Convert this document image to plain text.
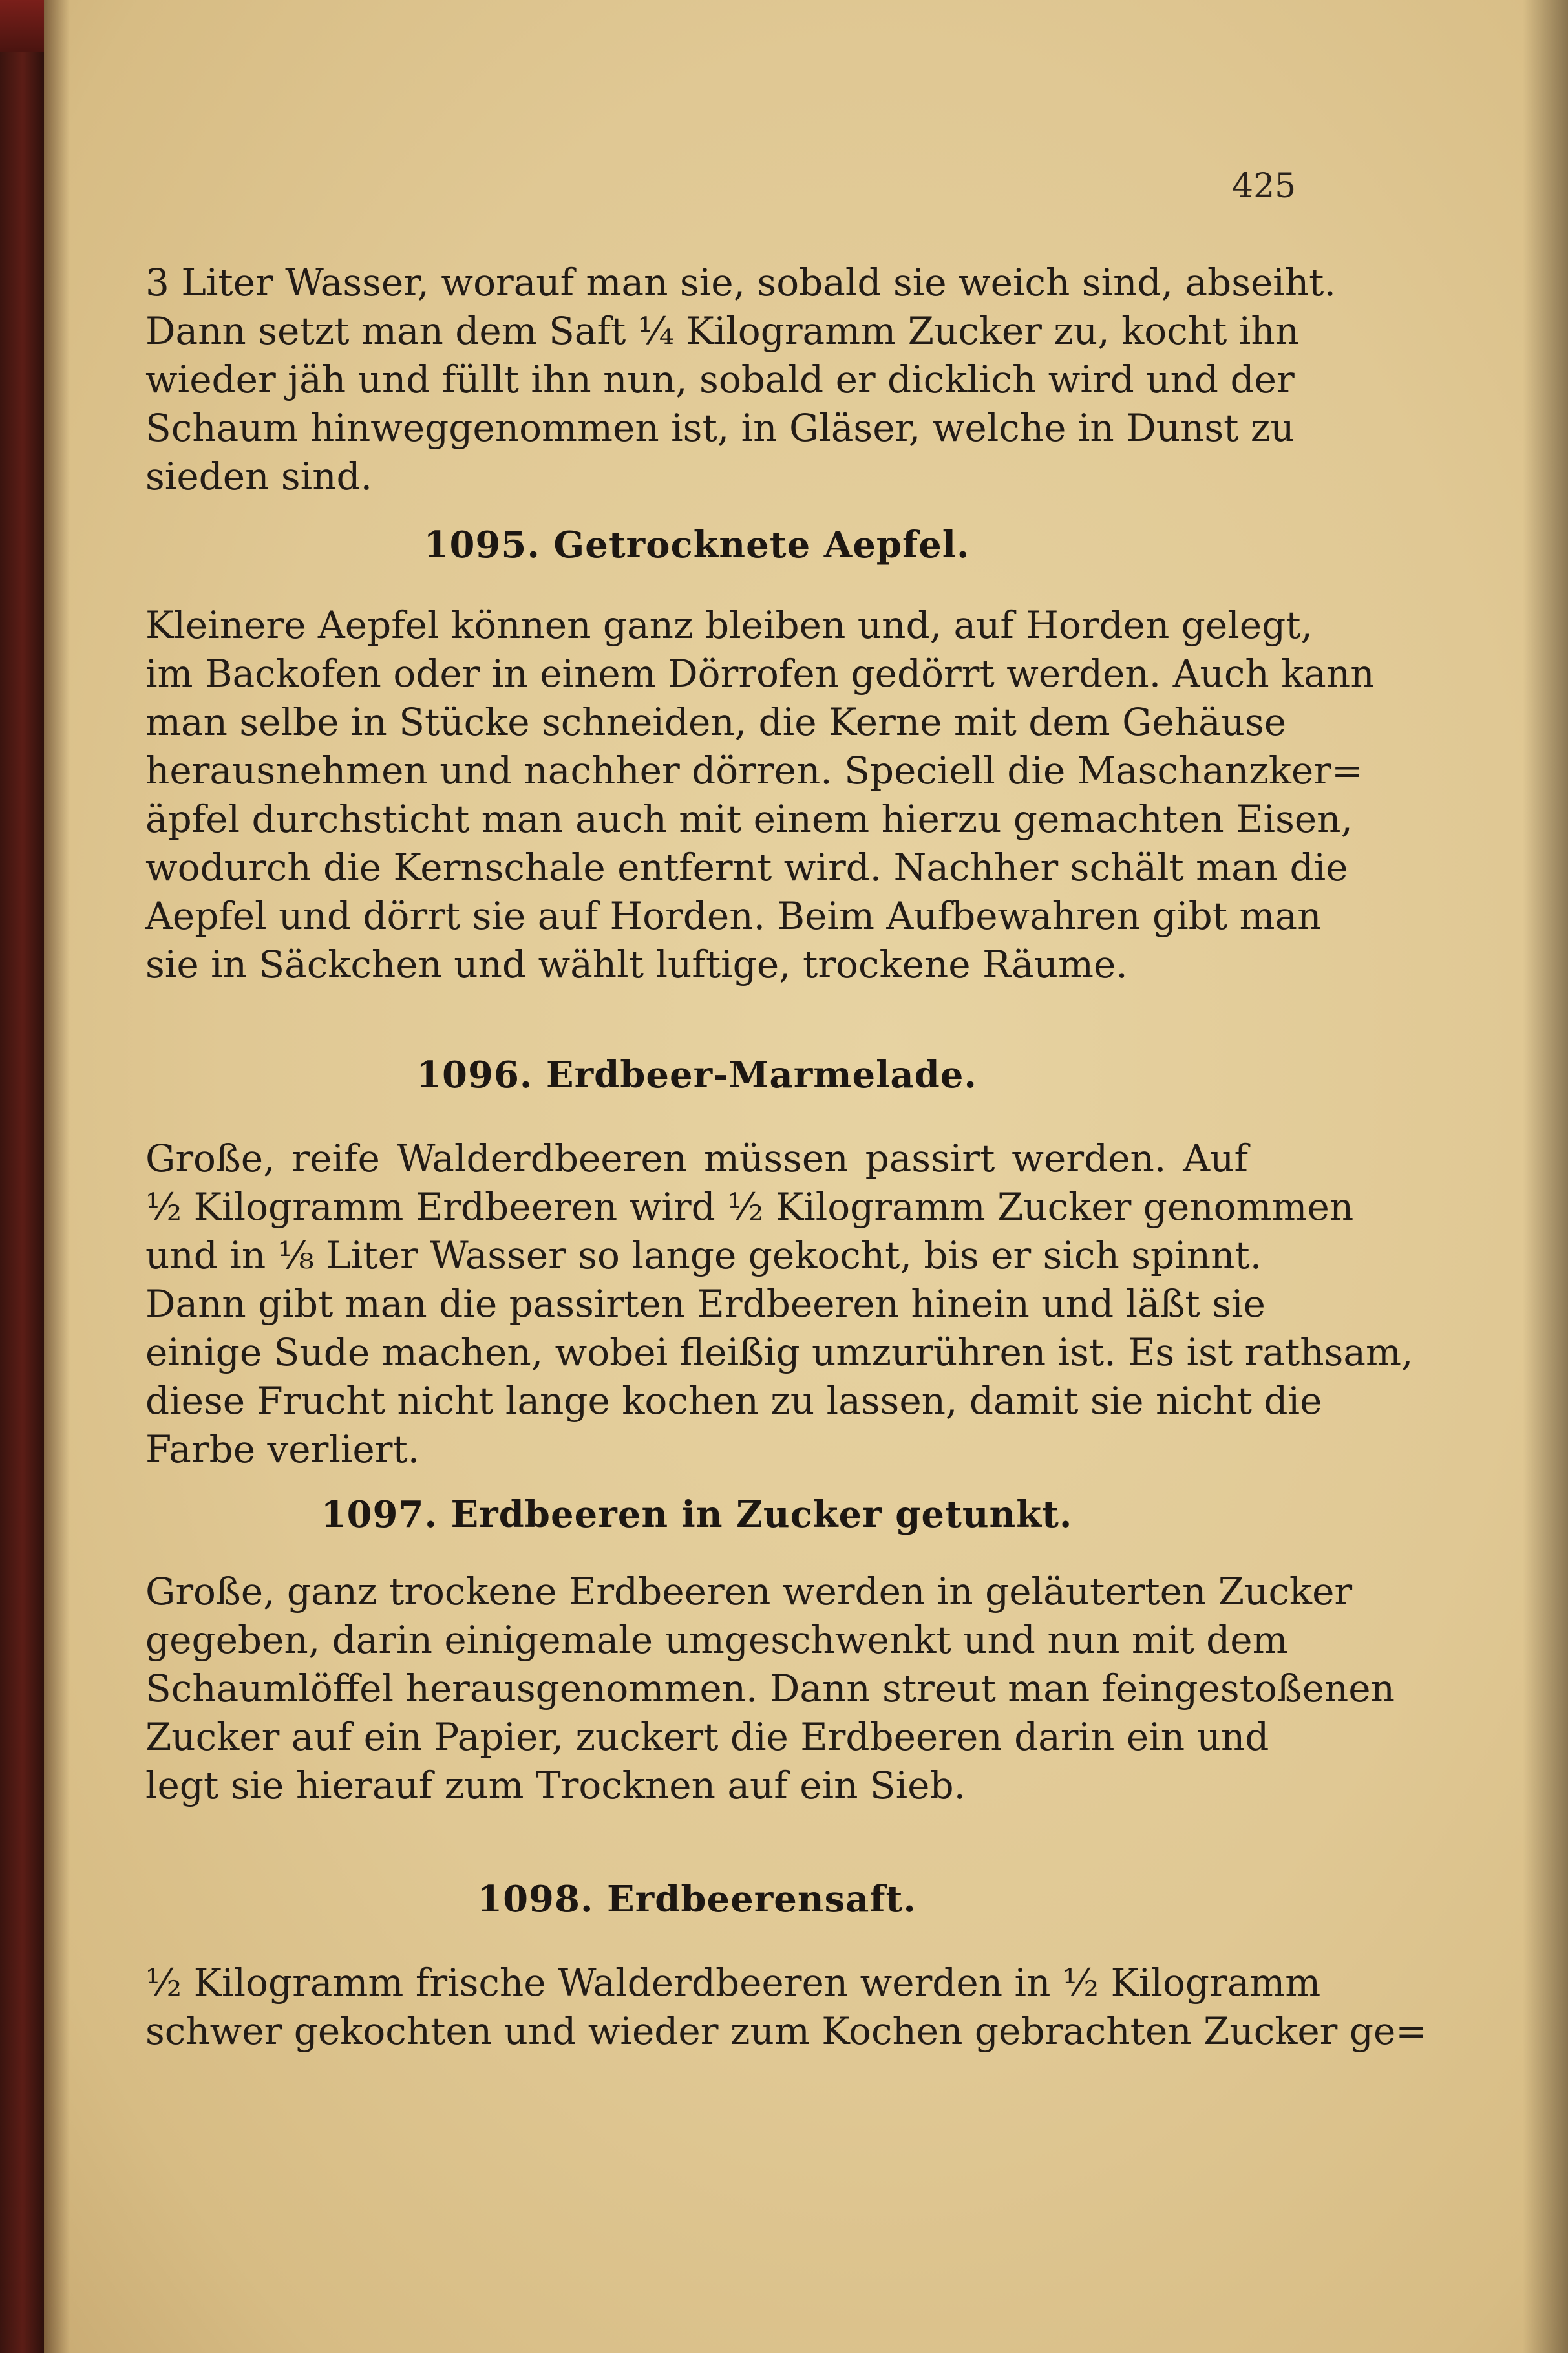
425
3 Liter Wasser, worauf man sie, sobald sie weich sind, abseiht.
Dann setzt man dem Saft ¼ Kilogramm Zucker zu, kocht ihn
wieder jäh und füllt ihn nun, sobald er dicklich wird und der
Schaum hinweggenommen ist, in Gläser, welche in Dunst zu
sieden sind.
1095. Getrocknete Aepfel.
Kleinere Aepfel können ganz bleiben und, auf Horden gelegt,
im Backofen oder in einem Dörrofen gedörrt werden. Auch kann
man selbe in Stücke schneiden, die Kerne mit dem Gehäuse
herausnehmen und nachher dörren. Speciell die Maschanzker=
äpfel durchsticht man auch mit einem hierzu gemachten Eisen,
wodurch die Kernschale entfernt wird. Nachher schält man die
Aepfel und dörrt sie auf Horden. Beim Aufbewahren gibt man
sie in Säckchen und wählt luftige, trockene Räume.
1096. Erdbeer-Marmelade.
Große, reife Walderdbeeren müssen passirt werden. Auf
½ Kilogramm Erdbeeren wird ½ Kilogramm Zucker genommen
und in ⅛ Liter Wasser so lange gekocht, bis er sich spinnt.
Dann gibt man die passirten Erdbeeren hinein und läßt sie
einige Sude machen, wobei fleißig umzurühren ist. Es ist rathsam,
diese Frucht nicht lange kochen zu lassen, damit sie nicht die
Farbe verliert.
1097. Erdbeeren in Zucker getunkt.
Große, ganz trockene Erdbeeren werden in geläuterten Zucker
gegeben, darin einigemale umgeschwenkt und nun mit dem
Schaumlöffel herausgenommen. Dann streut man feingestoßenen
Zucker auf ein Papier, zuckert die Erdbeeren darin ein und
legt sie hierauf zum Trocknen auf ein Sieb.
1098. Erdbeerensaft.
½ Kilogramm frische Walderdbeeren werden in ½ Kilogramm
schwer gekochten und wieder zum Kochen gebrachten Zucker ge=
